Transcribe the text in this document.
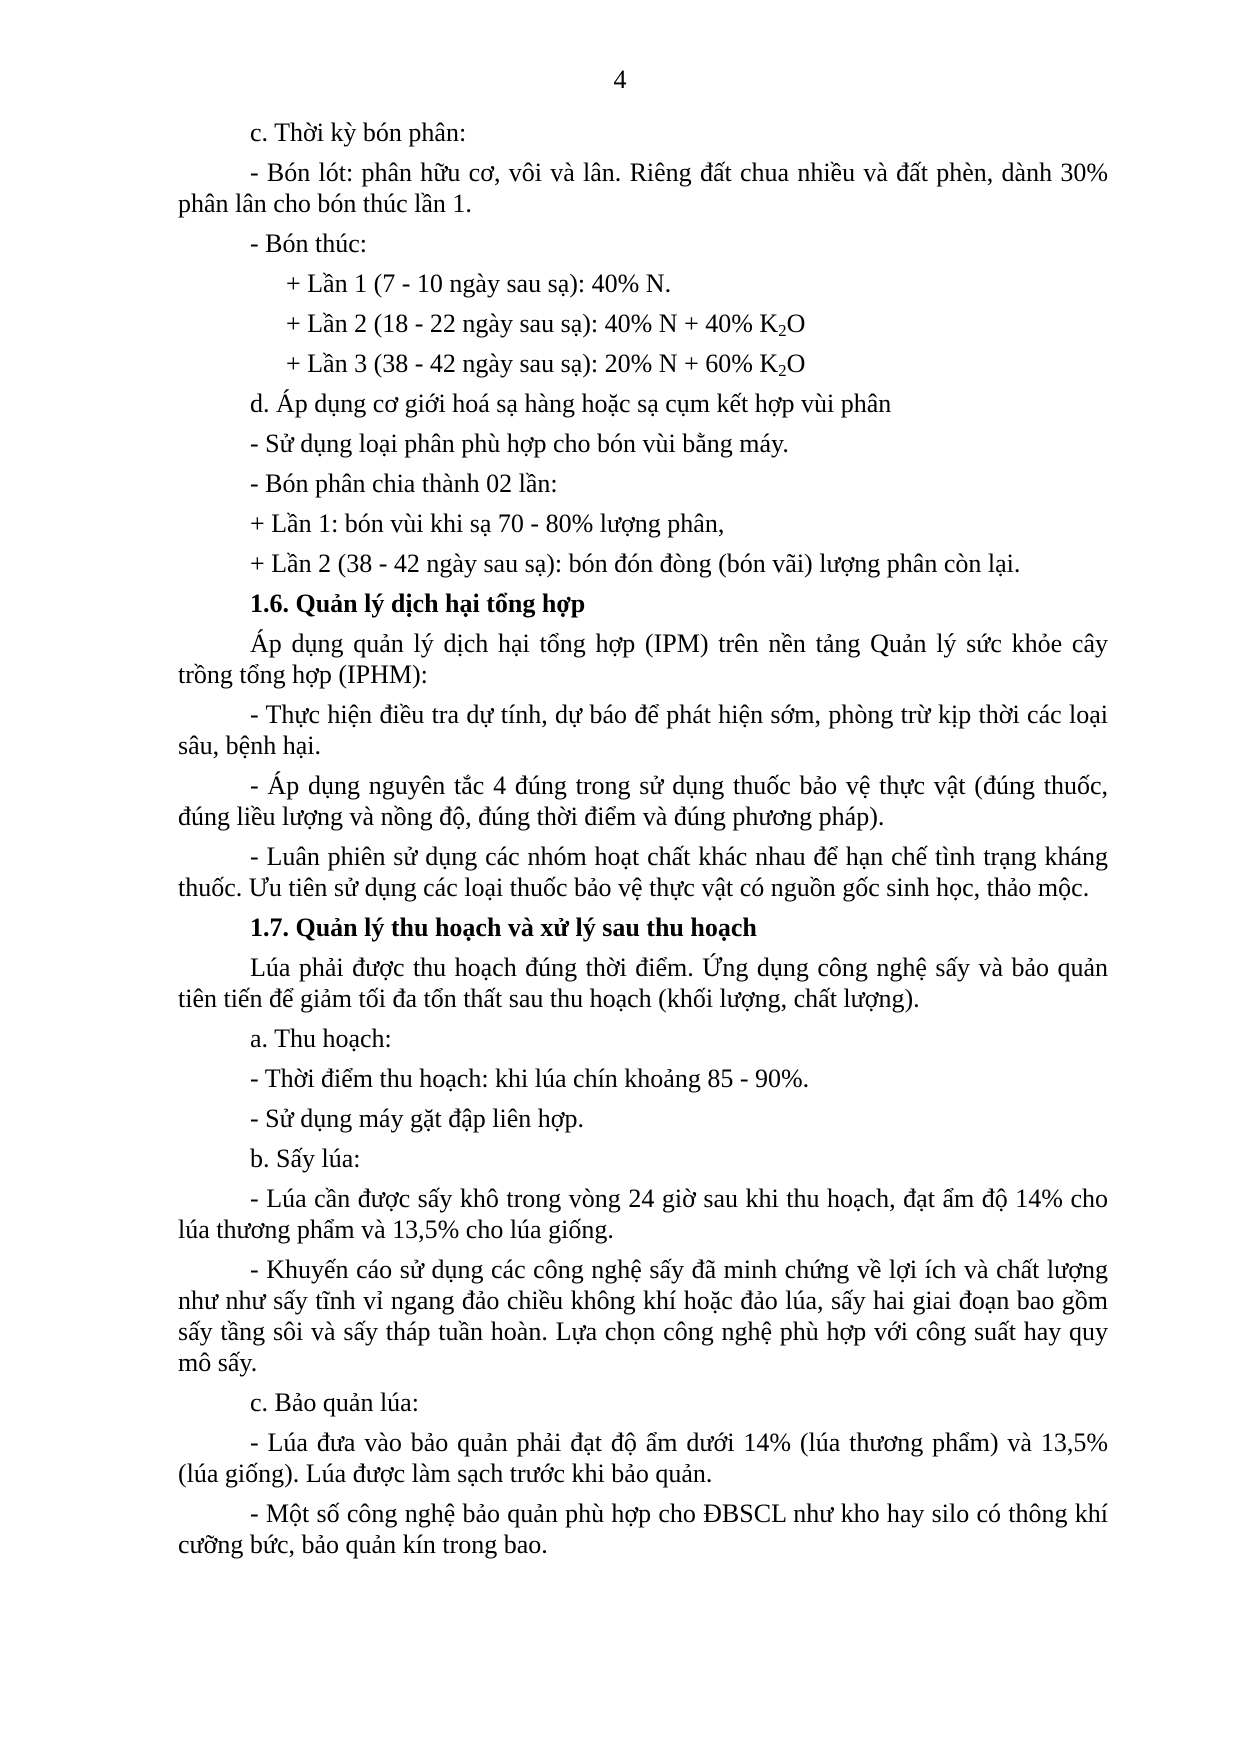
4

c. Thời kỳ bón phân:

- Bón lót: phân hữu cơ, vôi và lân. Riêng đất chua nhiều và đất phèn, dành 30% phân lân cho bón thúc lần 1.

- Bón thúc:

+ Lần 1 (7 - 10 ngày sau sạ): 40% N.

+ Lần 2 (18 - 22 ngày sau sạ): 40% N + 40% $K_2O$

+ Lần 3 (38 - 42 ngày sau sạ): 20% N + 60% $K_2O$

d. Áp dụng cơ giới hoá sạ hàng hoặc sạ cụm kết hợp vùi phân

- Sử dụng loại phân phù hợp cho bón vùi bằng máy.

- Bón phân chia thành 02 lần:

+ Lần 1: bón vùi khi sạ 70 - 80% lượng phân,

+ Lần 2 (38 - 42 ngày sau sạ): bón đón đòng (bón vãi) lượng phân còn lại.

1.6. Quản lý dịch hại tổng hợp

Áp dụng quản lý dịch hại tổng hợp (IPM) trên nền tảng Quản lý sức khỏe cây trồng tổng hợp (IPHM):

- Thực hiện điều tra dự tính, dự báo để phát hiện sớm, phòng trừ kịp thời các loại sâu, bệnh hại.

- Áp dụng nguyên tắc 4 đúng trong sử dụng thuốc bảo vệ thực vật (đúng thuốc, đúng liều lượng và nồng độ, đúng thời điểm và đúng phương pháp).

- Luân phiên sử dụng các nhóm hoạt chất khác nhau để hạn chế tình trạng kháng thuốc. Ưu tiên sử dụng các loại thuốc bảo vệ thực vật có nguồn gốc sinh học, thảo mộc.

1.7. Quản lý thu hoạch và xử lý sau thu hoạch

Lúa phải được thu hoạch đúng thời điểm. Ứng dụng công nghệ sấy và bảo quản tiên tiến để giảm tối đa tổn thất sau thu hoạch (khối lượng, chất lượng).

a. Thu hoạch:

- Thời điểm thu hoạch: khi lúa chín khoảng 85 - 90%.

- Sử dụng máy gặt đập liên hợp.

b. Sấy lúa:

- Lúa cần được sấy khô trong vòng 24 giờ sau khi thu hoạch, đạt ẩm độ 14% cho lúa thương phẩm và 13,5% cho lúa giống.

- Khuyến cáo sử dụng các công nghệ sấy đã minh chứng về lợi ích và chất lượng như như sấy tĩnh vỉ ngang đảo chiều không khí hoặc đảo lúa, sấy hai giai đoạn bao gồm sấy tầng sôi và sấy tháp tuần hoàn. Lựa chọn công nghệ phù hợp với công suất hay quy mô sấy.

c. Bảo quản lúa:

- Lúa đưa vào bảo quản phải đạt độ ẩm dưới 14% (lúa thương phẩm) và 13,5% (lúa giống). Lúa được làm sạch trước khi bảo quản.

- Một số công nghệ bảo quản phù hợp cho ĐBSCL như kho hay silo có thông khí cưỡng bức, bảo quản kín trong bao.
